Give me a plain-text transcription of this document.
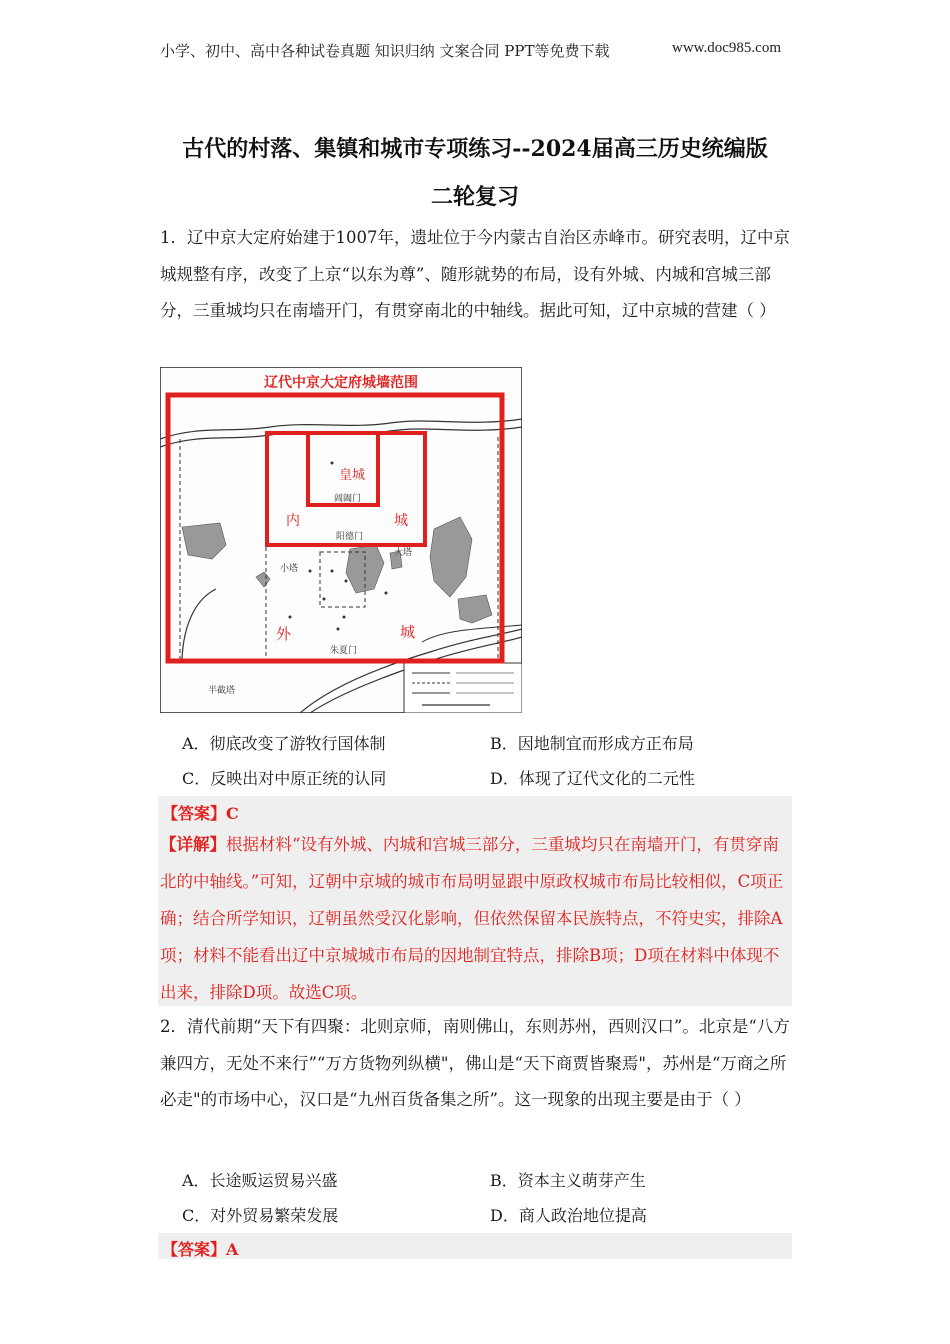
小学、初中、高中各种试卷真题 知识归纳 文案合同 PPT等免费下载	www.doc985.com
古代的村落、集镇和城市专项练习--2024届高三历史统编版
二轮复习
1．辽中京大定府始建于1007年，遗址位于今内蒙古自治区赤峰市。研究表明，辽中京城规整有序，改变了上京“以东为尊”、随形就势的布局，设有外城、内城和宫城三部分，三重城均只在南墙开门，有贯穿南北的中轴线。据此可知，辽中京城的营建（ ）
辽代中京大定府城墙范围
皇城
内	城
外	城
阊阖门
阳德门
朱夏门
小塔
大塔
半截塔
A．彻底改变了游牧行国体制	B．因地制宜而形成方正布局
C．反映出对中原正统的认同	D．体现了辽代文化的二元性
【答案】C
【详解】根据材料“设有外城、内城和宫城三部分，三重城均只在南墙开门，有贯穿南北的中轴线。”可知，辽朝中京城的城市布局明显跟中原政权城市布局比较相似，C项正确；结合所学知识，辽朝虽然受汉化影响，但依然保留本民族特点，不符史实，排除A项；材料不能看出辽中京城城市布局的因地制宜特点，排除B项；D项在材料中体现不出来，排除D项。故选C项。
2．清代前期“天下有四聚：北则京师，南则佛山，东则苏州，西则汉口”。北京是“八方兼四方，无处不来行”“万方货物列纵横"，佛山是“天下商贾皆聚焉"，苏州是“万商之所必走"的市场中心，汉口是“九州百货备集之所”。这一现象的出现主要是由于（ ）
A．长途贩运贸易兴盛	B．资本主义萌芽产生
C．对外贸易繁荣发展	D．商人政治地位提高
【答案】A
